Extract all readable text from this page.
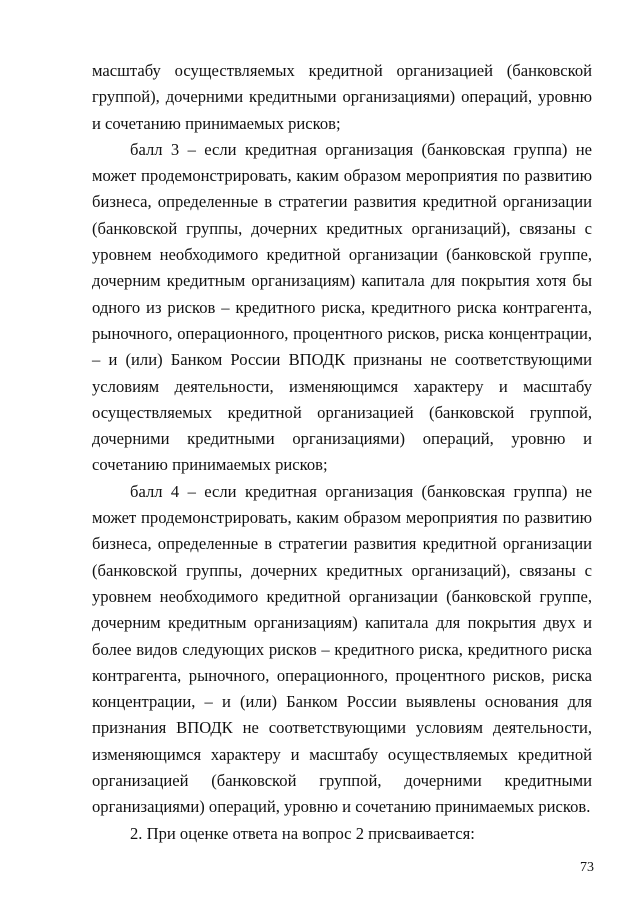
масштабу осуществляемых кредитной организацией (банковской группой), дочерними кредитными организациями) операций, уровню и сочетанию принимаемых рисков;

балл 3 – если кредитная организация (банковская группа) не может продемонстрировать, каким образом мероприятия по развитию бизнеса, определенные в стратегии развития кредитной организации (банковской группы, дочерних кредитных организаций), связаны с уровнем необходимого кредитной организации (банковской группе, дочерним кредитным организациям) капитала для покрытия хотя бы одного из рисков – кредитного риска, кредитного риска контрагента, рыночного, операционного, процентного рисков, риска концентрации, – и (или) Банком России ВПОДК признаны не соответствующими условиям деятельности, изменяющимся характеру и масштабу осуществляемых кредитной организацией (банковской группой, дочерними кредитными организациями) операций, уровню и сочетанию принимаемых рисков;

балл 4 – если кредитная организация (банковская группа) не может продемонстрировать, каким образом мероприятия по развитию бизнеса, определенные в стратегии развития кредитной организации (банковской группы, дочерних кредитных организаций), связаны с уровнем необходимого кредитной организации (банковской группе, дочерним кредитным организациям) капитала для покрытия двух и более видов следующих рисков – кредитного риска, кредитного риска контрагента, рыночного, операционного, процентного рисков, риска концентрации, – и (или) Банком России выявлены основания для признания ВПОДК не соответствующими условиям деятельности, изменяющимся характеру и масштабу осуществляемых кредитной организацией (банковской группой, дочерними кредитными организациями) операций, уровню и сочетанию принимаемых рисков.

2. При оценке ответа на вопрос 2 присваивается:

73
